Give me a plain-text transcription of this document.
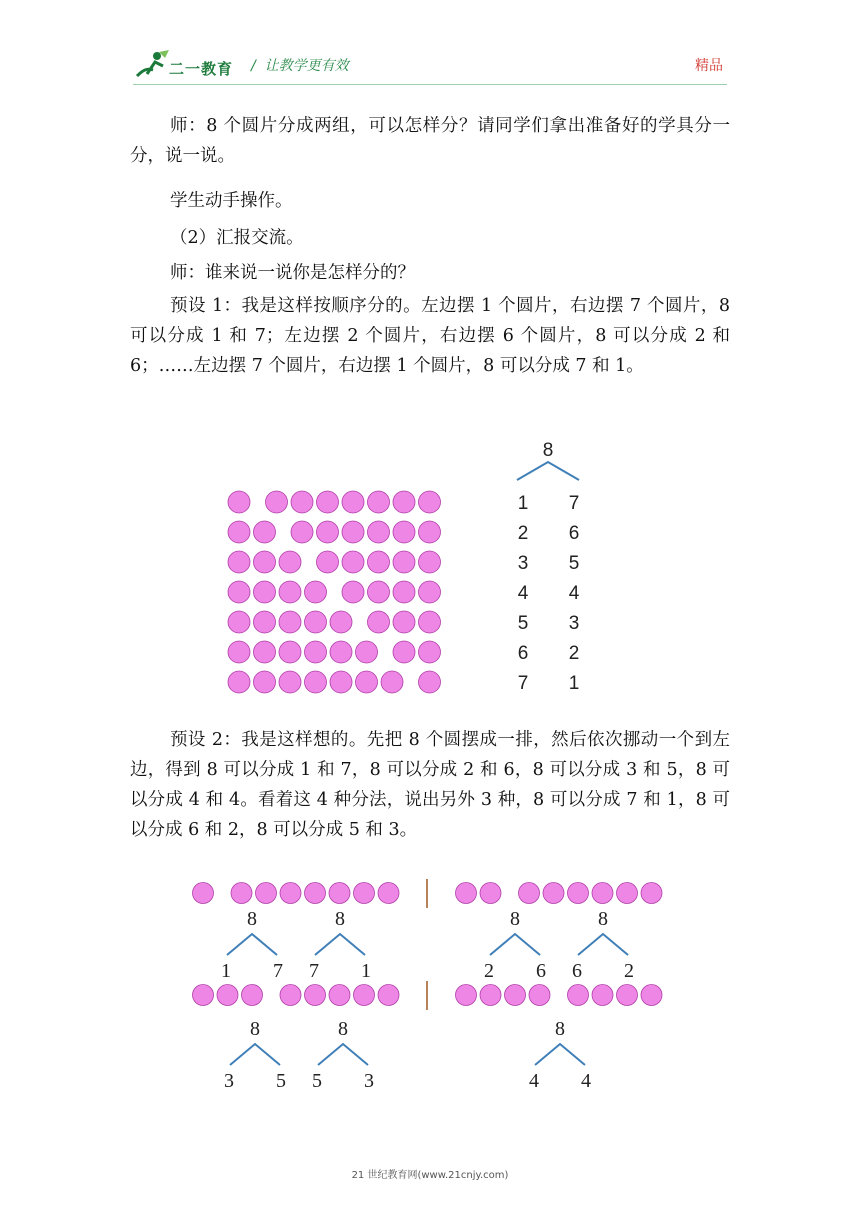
二一教育 / 让教学更有效	精品

师：8 个圆片分成两组，可以怎样分？请同学们拿出准备好的学具分一分，说一说。

学生动手操作。

（2）汇报交流。

师：谁来说一说你是怎样分的？

预设 1：我是这样按顺序分的。左边摆 1 个圆片，右边摆 7 个圆片，8 可以分成 1 和 7；左边摆 2 个圆片，右边摆 6 个圆片，8 可以分成 2 和 6；……左边摆 7 个圆片，右边摆 1 个圆片，8 可以分成 7 和 1。

8
1 7
2 6
3 5
4 4
5 3
6 2
7 1

预设 2：我是这样想的。先把 8 个圆摆成一排，然后依次挪动一个到左边，得到 8 可以分成 1 和 7，8 可以分成 2 和 6，8 可以分成 3 和 5，8 可以分成 4 和 4。看着这 4 种分法，说出另外 3 种，8 可以分成 7 和 1，8 可以分成 6 和 2，8 可以分成 5 和 3。

8
1 7
8
7 1
8
2 6
8
6 2
8
3 5
8
5 3
8
4 4
21 世纪教育网(www.21cnjy.com)
